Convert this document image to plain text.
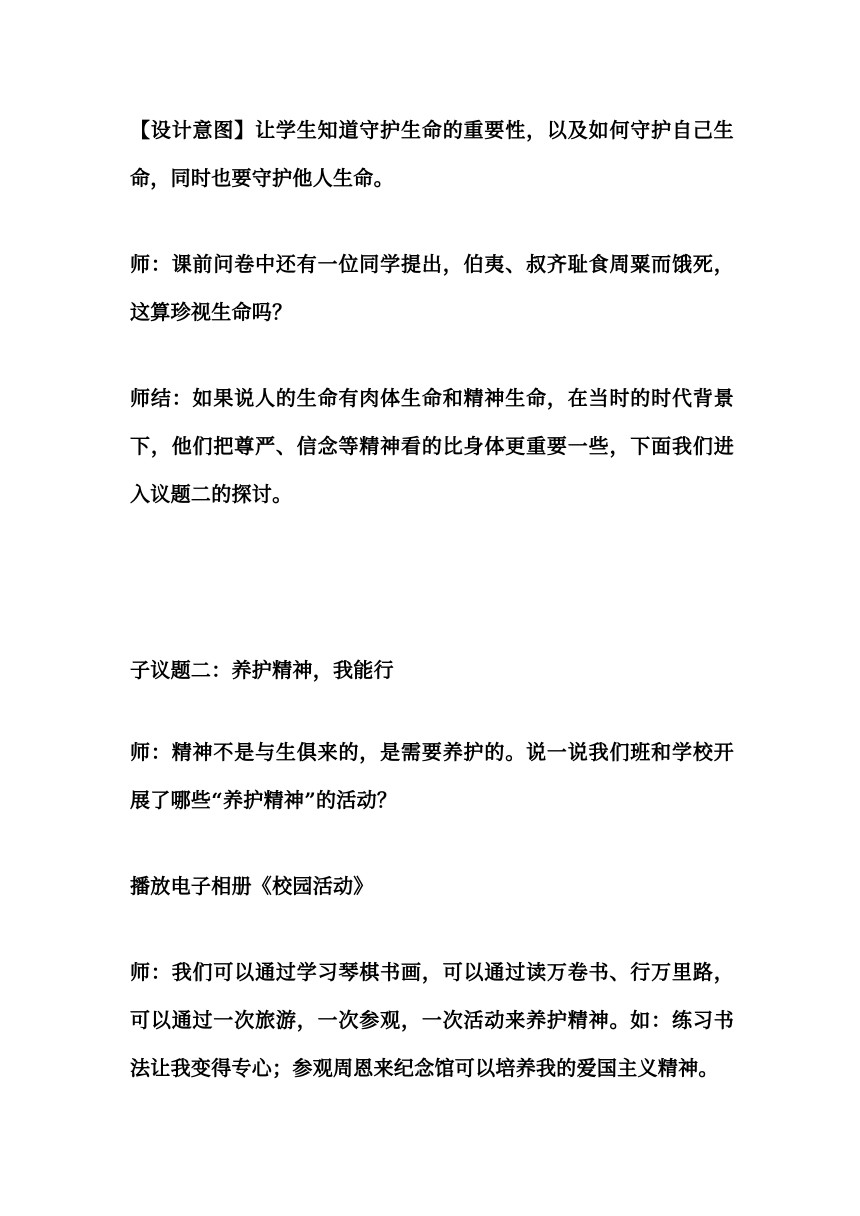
【设计意图】让学生知道守护生命的重要性，以及如何守护自己生命，同时也要守护他人生命。

师：课前问卷中还有一位同学提出，伯夷、叔齐耻食周粟而饿死，这算珍视生命吗？

师结：如果说人的生命有肉体生命和精神生命，在当时的时代背景下，他们把尊严、信念等精神看的比身体更重要一些，下面我们进入议题二的探讨。

子议题二：养护精神，我能行

师：精神不是与生俱来的，是需要养护的。说一说我们班和学校开展了哪些“养护精神”的活动？

播放电子相册《校园活动》

师：我们可以通过学习琴棋书画，可以通过读万卷书、行万里路，可以通过一次旅游，一次参观，一次活动来养护精神。如：练习书法让我变得专心；参观周恩来纪念馆可以培养我的爱国主义精神。
